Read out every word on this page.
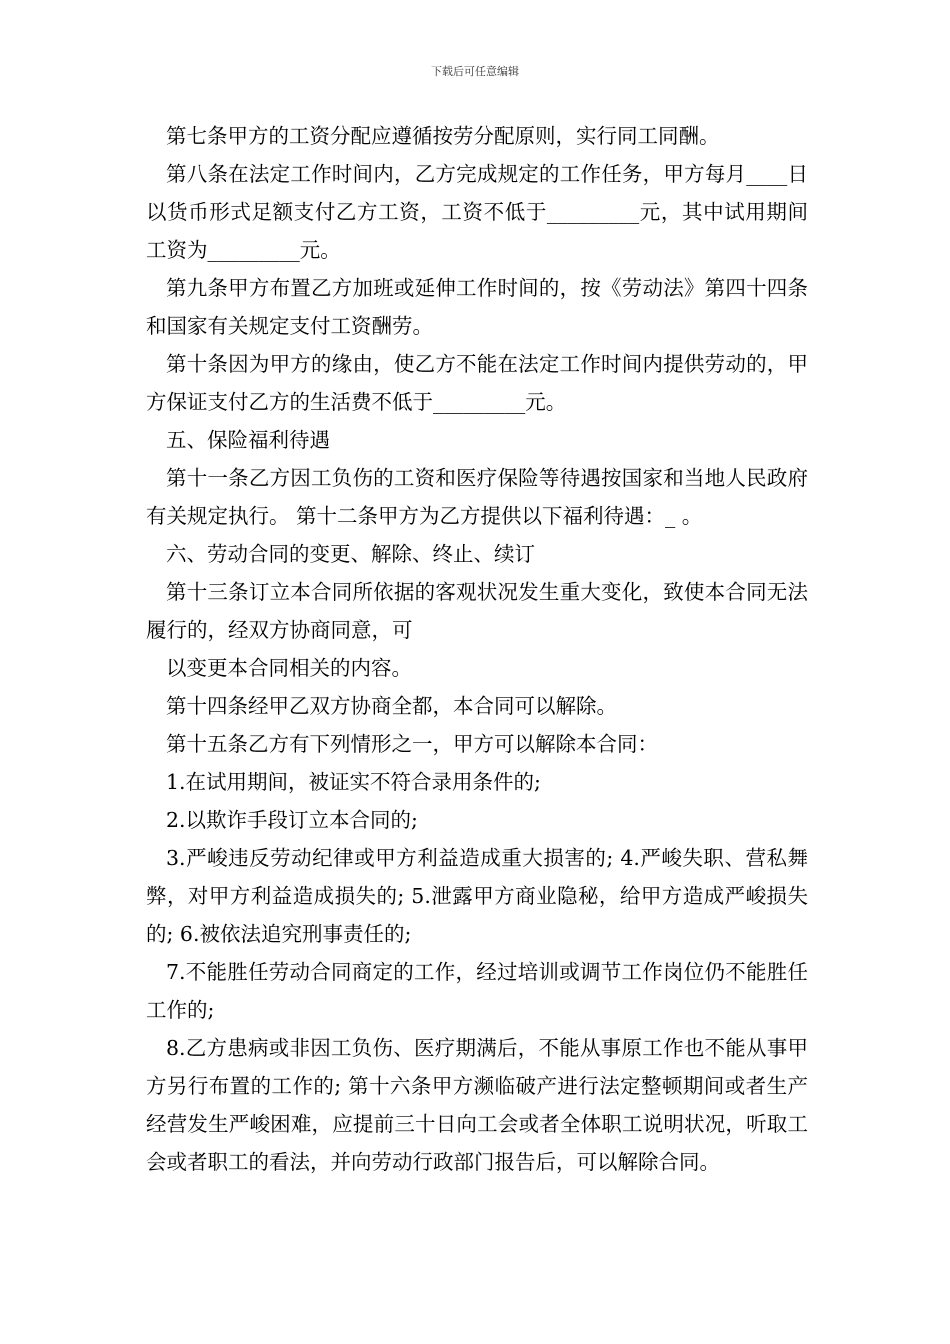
下载后可任意编辑

第七条甲方的工资分配应遵循按劳分配原则，实行同工同酬。

第八条在法定工作时间内，乙方完成规定的工作任务，甲方每月____日以货币形式足额支付乙方工资，工资不低于_________元，其中试用期间工资为_________元。

第九条甲方布置乙方加班或延伸工作时间的，按《劳动法》第四十四条和国家有关规定支付工资酬劳。

第十条因为甲方的缘由，使乙方不能在法定工作时间内提供劳动的，甲方保证支付乙方的生活费不低于_________元。

五、保险福利待遇

第十一条乙方因工负伤的工资和医疗保险等待遇按国家和当地人民政府有关规定执行。 第十二条甲方为乙方提供以下福利待遇：_ 。

六、劳动合同的变更、解除、终止、续订

第十三条订立本合同所依据的客观状况发生重大变化，致使本合同无法履行的，经双方协商同意，可

以变更本合同相关的内容。

第十四条经甲乙双方协商全都，本合同可以解除。

第十五条乙方有下列情形之一，甲方可以解除本合同：

1.在试用期间，被证实不符合录用条件的;

2.以欺诈手段订立本合同的;

3.严峻违反劳动纪律或甲方利益造成重大损害的; 4.严峻失职、营私舞弊，对甲方利益造成损失的; 5.泄露甲方商业隐秘，给甲方造成严峻损失的; 6.被依法追究刑事责任的;

7.不能胜任劳动合同商定的工作，经过培训或调节工作岗位仍不能胜任工作的;

8.乙方患病或非因工负伤、医疗期满后，不能从事原工作也不能从事甲方另行布置的工作的; 第十六条甲方濒临破产进行法定整顿期间或者生产经营发生严峻困难，应提前三十日向工会或者全体职工说明状况，听取工会或者职工的看法，并向劳动行政部门报告后，可以解除合同。
